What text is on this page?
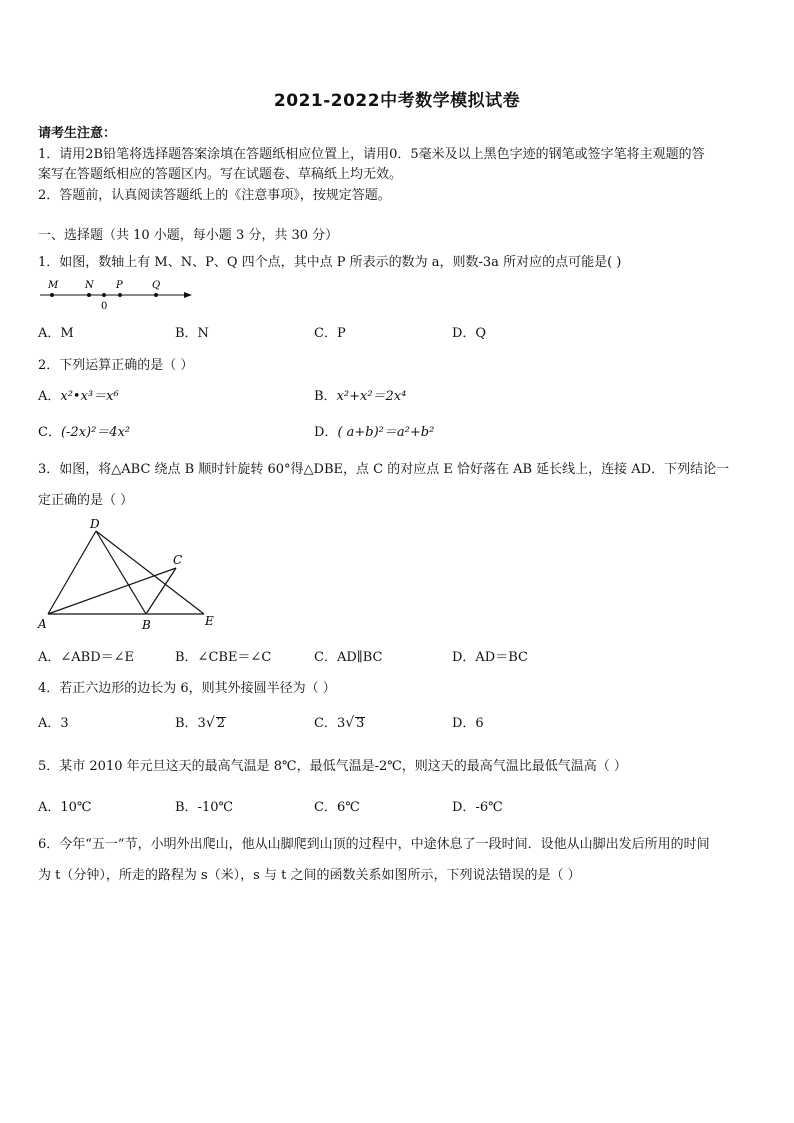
2021-2022中考数学模拟试卷
请考生注意：
1．请用2B铅笔将选择题答案涂填在答题纸相应位置上，请用0．5毫米及以上黑色字迹的钢笔或签字笔将主观题的答
案写在答题纸相应的答题区内。写在试题卷、草稿纸上均无效。
2．答题前，认真阅读答题纸上的《注意事项》，按规定答题。
一、选择题（共 10 小题，每小题 3 分，共 30 分）
1．如图，数轴上有 M、N、P、Q 四个点，其中点 P 所表示的数为 a，则数-3a 所对应的点可能是( )
M	N P	Q
0
A．M	B．N	C．P	D．Q
2．下列运算正确的是（ ）
A．x²•x³＝x⁶	B．x²+x²＝2x⁴
C．(-2x)²＝4x²	D．( a+b)²＝a²+b²
3．如图，将△ABC 绕点 B 顺时针旋转 60°得△DBE，点 C 的对应点 E 恰好落在 AB 延长线上，连接 AD．下列结论一
定正确的是（ ）
D
C
A	B	E
A．∠ABD＝∠E	B．∠CBE＝∠C	C．AD∥BC	D．AD＝BC
4．若正六边形的边长为 6，则其外接圆半径为（ ）
A．3	B．3√ 2	C．3√ 3	D．6
5．某市 2010 年元旦这天的最高气温是 8℃，最低气温是-2℃，则这天的最高气温比最低气温高（ ）
A．10℃	B．-10℃	C．6℃	D．-6℃
6．今年“五一”节，小明外出爬山，他从山脚爬到山顶的过程中，中途休息了一段时间．设他从山脚出发后所用的时间
为 t（分钟），所走的路程为 s（米），s 与 t 之间的函数关系如图所示，下列说法错误的是（ ）
